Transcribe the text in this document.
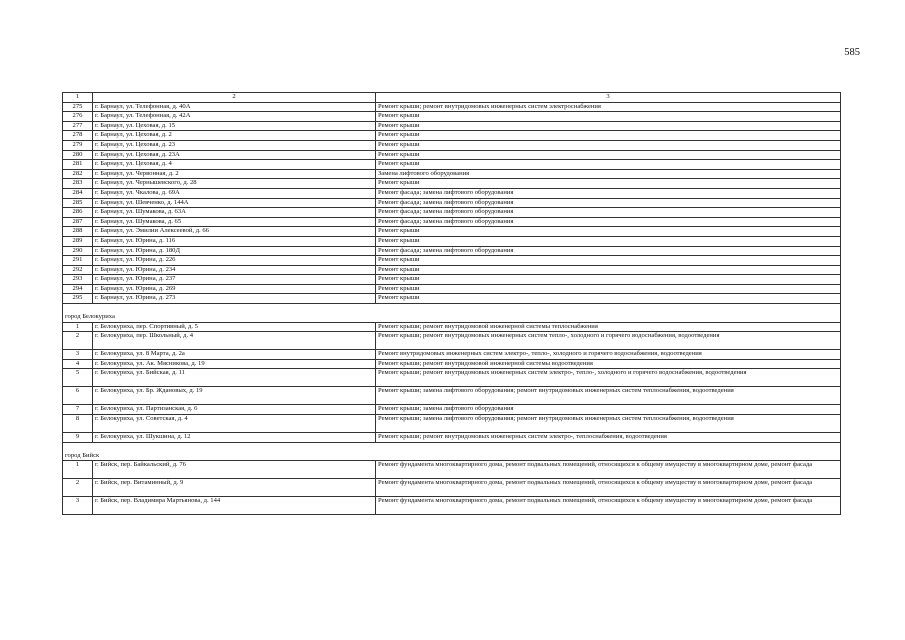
585
1	2	3
275	г. Барнаул, ул. Телефонная, д. 40А	Ремонт крыши; ремонт внутридомовых инженерных систем электроснабжения
276	г. Барнаул, ул. Телефонная, д. 42А	Ремонт крыши
277	г. Барнаул, ул. Цеховая, д. 15	Ремонт крыши
278	г. Барнаул, ул. Цеховая, д. 2	Ремонт крыши
279	г. Барнаул, ул. Цеховая, д. 23	Ремонт крыши
280	г. Барнаул, ул. Цеховая, д. 23А	Ремонт крыши
281	г. Барнаул, ул. Цеховая, д. 4	Ремонт крыши
282	г. Барнаул, ул. Червонная, д. 2	Замена лифтового оборудования
283	г. Барнаул, ул. Чернышевского, д. 28	Ремонт крыши
284	г. Барнаул, ул. Чкалова, д. 69А	Ремонт фасада; замена лифтового оборудования
285	г. Барнаул, ул. Шевченко, д. 144А	Ремонт фасада; замена лифтового оборудования
286	г. Барнаул, ул. Шумакова, д. 63А	Ремонт фасада; замена лифтового оборудования
287	г. Барнаул, ул. Шумакова, д. 65	Ремонт фасада; замена лифтового оборудования
288	г. Барнаул, ул. Эмилии Алексеевой, д. 66	Ремонт крыши
289	г. Барнаул, ул. Юрина, д. 116	Ремонт крыши
290	г. Барнаул, ул. Юрина, д. 180Д	Ремонт фасада; замена лифтового оборудования
291	г. Барнаул, ул. Юрина, д. 226	Ремонт крыши
292	г. Барнаул, ул. Юрина, д. 234	Ремонт крыши
293	г. Барнаул, ул. Юрина, д. 237	Ремонт крыши
294	г. Барнаул, ул. Юрина, д. 269	Ремонт крыши
295	г. Барнаул, ул. Юрина, д. 273	Ремонт крыши
город Белокуриха		
1	г. Белокуриха, пер. Спортивный, д. 5	Ремонт крыши; ремонт внутридомовой инженерной системы теплоснабжения
2	г. Белокуриха, пер. Школьный, д. 4	Ремонт крыши; ремонт внутридомовых инженерных систем тепло-, холодного и горячего водоснабжения, водоотведения
3	г. Белокуриха, ул. 8 Марта, д. 2а	Ремонт внутридомовых инженерных систем электро-, тепло-, холодного и горячего водоснабжения, водоотведения
4	г. Белокуриха, ул. Ак. Мясникова, д. 19	Ремонт крыши; ремонт внутридомовой инженерной системы водоотведения
5	г. Белокуриха, ул. Бийская, д. 11	Ремонт крыши; ремонт внутридомовых инженерных систем электро-, тепло-, холодного и горячего водоснабжения, водоотведения
6	г. Белокуриха, ул. Бр. Ждановых, д. 19	Ремонт крыши; замена лифтового оборудования; ремонт внутридомовых инженерных систем теплоснабжения, водоотведения
7	г. Белокуриха, ул. Партизанская, д. 6	Ремонт крыши; замена лифтового оборудования
8	г. Белокуриха, ул. Советская, д. 4	Ремонт крыши; замена лифтового оборудования; ремонт внутридомовых инженерных систем теплоснабжения, водоотведения
9	г. Белокуриха, ул. Шукшина, д. 12	Ремонт крыши; ремонт внутридомовых инженерных систем электро-, теплоснабжения, водоотведения
город Бийск		
1	г. Бийск, пер. Байкальский, д. 76	Ремонт фундамента многоквартирного дома, ремонт подвальных помещений, относящихся к общему имуществу в многоквартирном доме, ремонт фасада
2	г. Бийск, пер. Витаминный, д. 9	Ремонт фундамента многоквартирного дома, ремонт подвальных помещений, относящихся к общему имуществу в многоквартирном доме, ремонт фасада
3	г. Бийск, пер. Владимира Мартьянова, д. 144	Ремонт фундамента многоквартирного дома, ремонт подвальных помещений, относящихся к общему имуществу в многоквартирном доме, ремонт фасада
